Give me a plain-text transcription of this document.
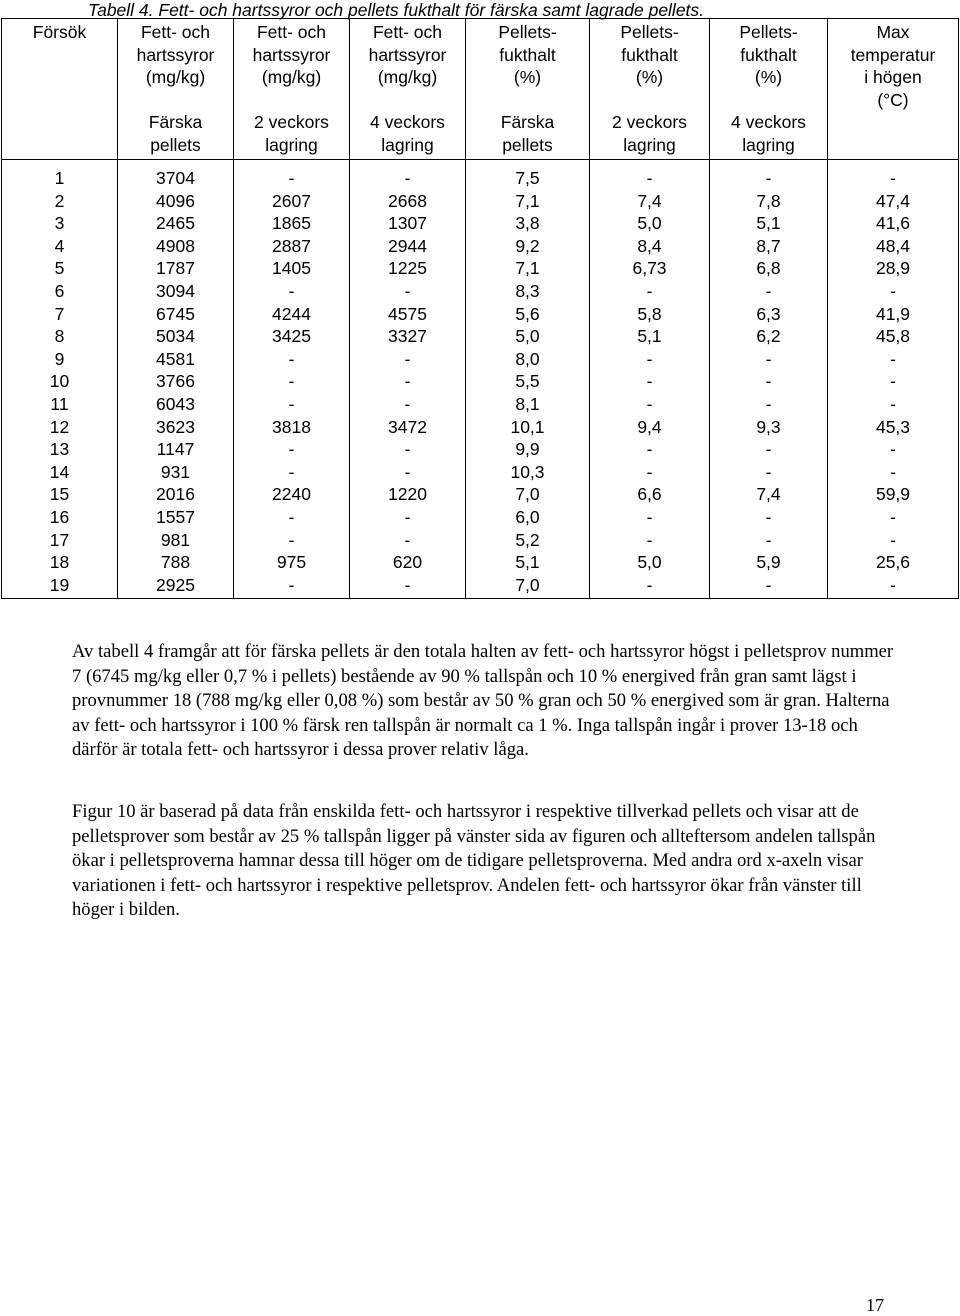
Tabell 4. Fett- och hartssyror och pellets fukthalt för färska samt lagrade pellets.

Försök	Fett- och
hartssyror
(mg/kg)
Färska
pellets	Fett- och
hartssyror
(mg/kg)
2 veckors
lagring	Fett- och
hartssyror
(mg/kg)
4 veckors
lagring	Pellets-
fukthalt
(%)
Färska
pellets	Pellets-
fukthalt
(%)
2 veckors
lagring	Pellets-
fukthalt
(%)
4 veckors
lagring	Max
temperatur
i högen
(°C)

1	3704	-	-	7,5	-	-	-
2	4096	2607	2668	7,1	7,4	7,8	47,4
3	2465	1865	1307	3,8	5,0	5,1	41,6
4	4908	2887	2944	9,2	8,4	8,7	48,4
5	1787	1405	1225	7,1	6,73	6,8	28,9
6	3094	-	-	8,3	-	-	-
7	6745	4244	4575	5,6	5,8	6,3	41,9
8	5034	3425	3327	5,0	5,1	6,2	45,8
9	4581	-	-	8,0	-	-	-
10	3766	-	-	5,5	-	-	-
11	6043	-	-	8,1	-	-	-
12	3623	3818	3472	10,1	9,4	9,3	45,3
13	1147	-	-	9,9	-	-	-
14	931	-	-	10,3	-	-	-
15	2016	2240	1220	7,0	6,6	7,4	59,9
16	1557	-	-	6,0	-	-	-
17	981	-	-	5,2	-	-	-
18	788	975	620	5,1	5,0	5,9	25,6
19	2925	-	-	7,0	-	-	-

Av tabell 4 framgår att för färska pellets är den totala halten av fett- och hartssyror högst i pelletsprov nummer 7 (6745 mg/kg eller 0,7 % i pellets) bestående av 90 % tallspån och 10 % energived från gran samt lägst i provnummer 18 (788 mg/kg eller 0,08 %) som består av 50 % gran och 50 % energived som är gran. Halterna av fett- och hartssyror i 100 % färsk ren tallspån är normalt ca 1 %. Inga tallspån ingår i prover 13-18 och därför är totala fett- och hartssyror i dessa prover relativ låga.

Figur 10 är baserad på data från enskilda fett- och hartssyror i respektive tillverkad pellets och visar att de pelletsprover som består av 25 % tallspån ligger på vänster sida av figuren och allteftersom andelen tallspån ökar i pelletsproverna hamnar dessa till höger om de tidigare pelletsproverna. Med andra ord x-axeln visar variationen i fett- och hartssyror i respektive pelletsprov. Andelen fett- och hartssyror ökar från vänster till höger i bilden.

17
